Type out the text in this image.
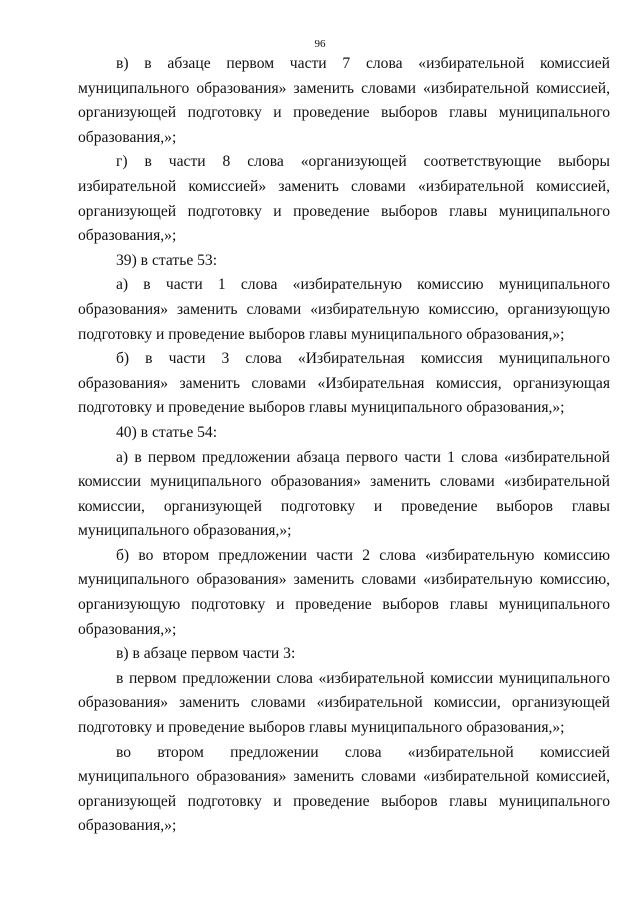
96

в) в абзаце первом части 7 слова «избирательной комиссией муниципального образования» заменить словами «избирательной комиссией, организующей подготовку и проведение выборов главы муниципального образования,»;

г) в части 8 слова «организующей соответствующие выборы избирательной комиссией» заменить словами «избирательной комиссией, организующей подготовку и проведение выборов главы муниципального образования,»;

39) в статье 53:

а) в части 1 слова «избирательную комиссию муниципального образования» заменить словами «избирательную комиссию, организующую подготовку и проведение выборов главы муниципального образования,»;

б) в части 3 слова «Избирательная комиссия муниципального образования» заменить словами «Избирательная комиссия, организующая подготовку и проведение выборов главы муниципального образования,»;

40) в статье 54:

а) в первом предложении абзаца первого части 1 слова «избирательной комиссии муниципального образования» заменить словами «избирательной комиссии, организующей подготовку и проведение выборов главы муниципального образования,»;

б) во втором предложении части 2 слова «избирательную комиссию муниципального образования» заменить словами «избирательную комиссию, организующую подготовку и проведение выборов главы муниципального образования,»;

в) в абзаце первом части 3:

в первом предложении слова «избирательной комиссии муниципального образования» заменить словами «избирательной комиссии, организующей подготовку и проведение выборов главы муниципального образования,»;

во втором предложении слова «избирательной комиссией муниципального образования» заменить словами «избирательной комиссией, организующей подготовку и проведение выборов главы муниципального образования,»;
